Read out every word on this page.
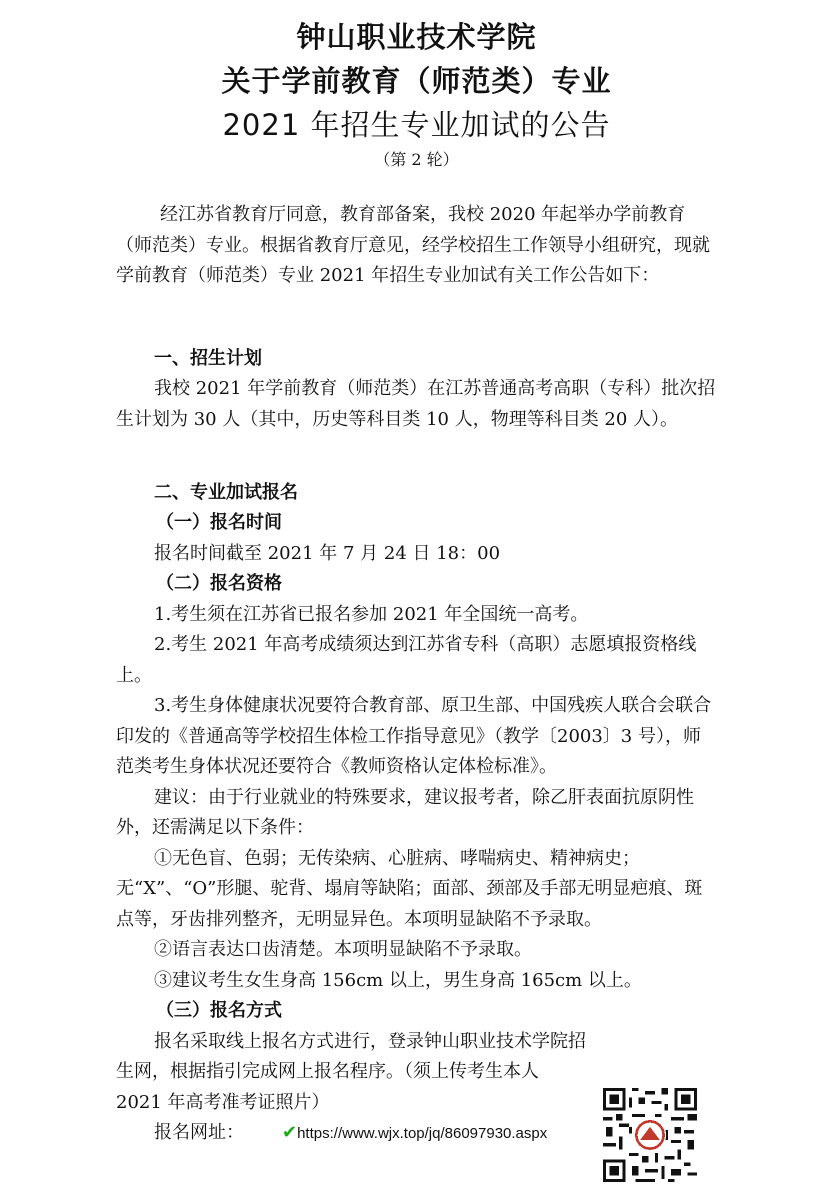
钟山职业技术学院
关于学前教育（师范类）专业
2021 年招生专业加试的公告
（第 2 轮）

经江苏省教育厅同意，教育部备案，我校 2020 年起举办学前教育（师范类）专业。根据省教育厅意见，经学校招生工作领导小组研究，现就学前教育（师范类）专业 2021 年招生专业加试有关工作公告如下：

一、招生计划

我校 2021 年学前教育（师范类）在江苏普通高考高职（专科）批次招生计划为 30 人（其中，历史等科目类 10 人，物理等科目类 20 人）。

二、专业加试报名

（一）报名时间

报名时间截至 2021 年 7 月 24 日 18：00

（二）报名资格

1.考生须在江苏省已报名参加 2021 年全国统一高考。

2.考生 2021 年高考成绩须达到江苏省专科（高职）志愿填报资格线上。

3.考生身体健康状况要符合教育部、原卫生部、中国残疾人联合会联合印发的《普通高等学校招生体检工作指导意见》（教学〔2003〕3 号），师范类考生身体状况还要符合《教师资格认定体检标准》。

建议：由于行业就业的特殊要求，建议报考者，除乙肝表面抗原阴性外，还需满足以下条件：

①无色盲、色弱；无传染病、心脏病、哮喘病史、精神病史；无“X”、“O”形腿、驼背、塌肩等缺陷；面部、颈部及手部无明显疤痕、斑点等，牙齿排列整齐，无明显异色。本项明显缺陷不予录取。

②语言表达口齿清楚。本项明显缺陷不予录取。

③建议考生女生身高 156cm 以上，男生身高 165cm 以上。

（三）报名方式

报名采取线上报名方式进行，登录钟山职业技术学院招生网，根据指引完成网上报名程序。（须上传考生本人 2021 年高考准考证照片）

报名网址： ✔https://www.wjx.top/jq/86097930.aspx
